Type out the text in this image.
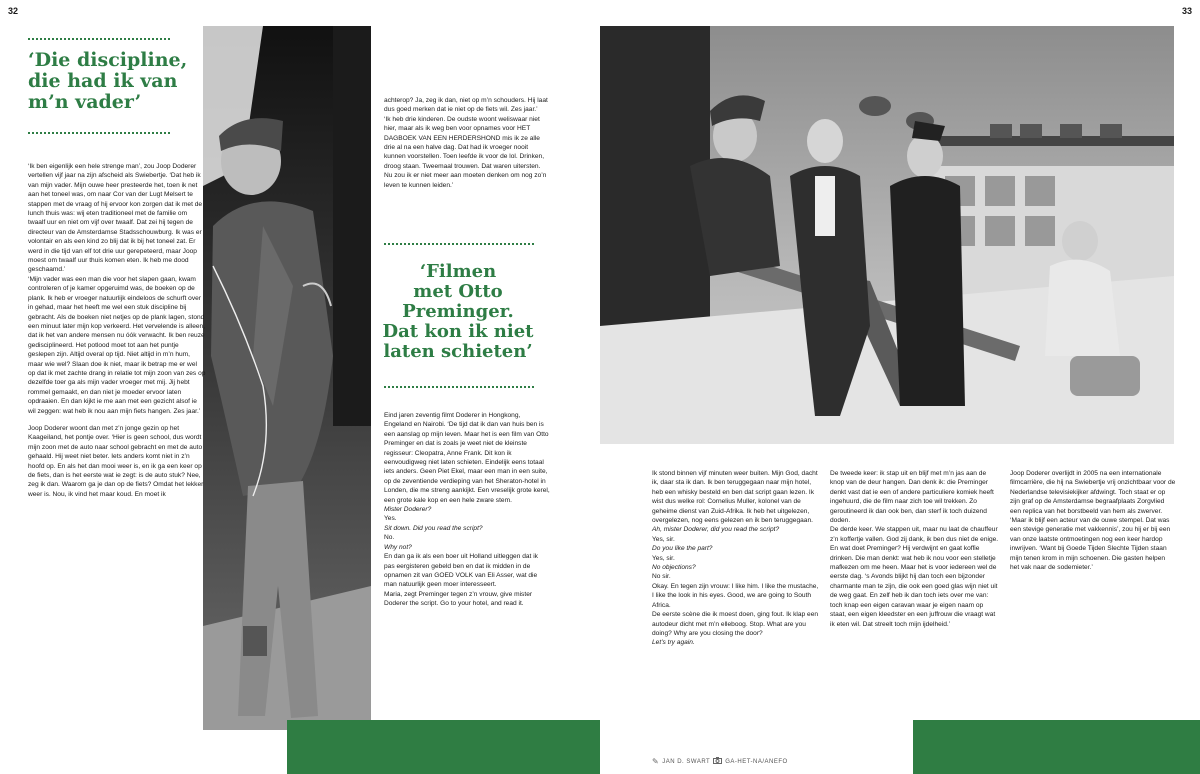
32	33
‘Die discipline,
die had ik van
m’n vader’

‘Ik ben eigenlijk een hele strenge man’, zou Joop Doderer vertellen vijf jaar na zijn afscheid als Swiebertje. ‘Dat heb ik van mijn vader. Mijn ouwe heer presteerde het, toen ik net aan het toneel was, om naar Cor van der Lugt Melsert te stappen met de vraag of hij ervoor kon zorgen dat ik met de lunch thuis was: wij eten traditioneel met de familie om twaalf uur en niet om vijf over twaalf. Dat zei hij tegen de directeur van de Amsterdamse Stadsschouwburg. Ik was er volontair en als een kind zo blij dat ik bij het toneel zat. Er werd in die tijd van elf tot drie uur gerepeteerd, maar Joop moest om twaalf uur thuis komen eten. Ik heb me dood geschaamd.’

‘Mijn vader was een man die voor het slapen gaan, kwam controleren of je kamer opgeruimd was, de boeken op de plank. Ik heb er vroeger natuurlijk eindeloos de schurft over in gehad, maar het heeft me wel een stuk discipline bij gebracht. Als de boeken niet netjes op de plank lagen, stond een minuut later mijn kop verkeerd. Het vervelende is alleen, dat ik het van andere mensen nu óók verwacht. Ik ben reuze gedisciplineerd. Het potlood moet tot aan het puntje geslepen zijn. Altijd overal op tijd. Niet altijd in m’n hum, maar wie wel? Slaan doe ik niet, maar ik betrap me er wel op dat ik met zachte drang in relatie tot mijn zoon van zes op dezelfde toer ga als mijn vader vroeger met mij. Jij hebt rommel gemaakt, en dan niet je moeder ervoor laten opdraaien. En dan kijkt ie me aan met een gezicht alsof ie wil zeggen: wat heb ik nou aan mijn fiets hangen. Zes jaar.’

Joop Doderer woont dan met z’n jonge gezin op het Kaageiland, het pontje over. ‘Hier is geen school, dus wordt mijn zoon met de auto naar school gebracht en met de auto gehaald. Hij weet niet beter. Iets anders komt niet in z’n hoofd op. En als het dan mooi weer is, en ik ga een keer op de fiets, dan is het eerste wat ie zegt: is de auto stuk? Nee, zeg ik dan. Waarom ga je dan op de fiets? Omdat het lekker weer is. Nou, ik vind het maar koud. En moet ik

achterop? Ja, zeg ik dan, niet op m’n schouders. Hij laat dus goed merken dat ie niet op de fiets wil. Zes jaar.’

‘Ik heb drie kinderen. De oudste woont weliswaar niet hier, maar als ik weg ben voor opnames voor HET DAGBOEK VAN EEN HERDERSHOND mis ik ze alle drie al na een halve dag. Dat had ik vroeger nooit kunnen voorstellen. Toen leefde ik voor de lol. Drinken, droog staan. Tweemaal trouwen. Dat waren uitersten. Nu zou ik er niet meer aan moeten denken om nog zo’n leven te kunnen leiden.’

‘Filmen
met Otto
Preminger.
Dat kon ik niet
laten schieten’

Eind jaren zeventig filmt Doderer in Hongkong, Engeland en Nairobi. ‘De tijd dat ik dan van huis ben is een aanslag op mijn leven. Maar het is een film van Otto Preminger en dat is zoals je weet niet de kleinste regisseur: Cleopatra, Anne Frank. Dit kon ik eenvoudigweg niet laten schieten. Eindelijk eens totaal iets anders. Geen Piet Ekel, maar een man in een suite, op de zeventiende verdieping van het Sheraton-hotel in Londen, die me streng aankijkt. Een vreselijk grote kerel, een grote kale kop en een hele zware stem.

Mister Doderer?

Yes.

Sit down. Did you read the script?

No.

Why not?

En dan ga ik als een boer uit Holland uitleggen dat ik pas eergisteren gebeld ben en dat ik midden in de opnamen zit van GOED VOLK van Eli Asser, wat die man natuurlijk geen moer interesseert.

Maria, zegt Preminger tegen z’n vrouw, give mister Doderer the script. Go to your hotel, and read it.

Ik stond binnen vijf minuten weer buiten. Mijn God, dacht ik, daar sta ik dan. Ik ben teruggegaan naar mijn hotel, heb een whisky besteld en ben dat script gaan lezen. Ik wist dus welke rol: Cornelius Muller, kolonel van de geheime dienst van Zuid-Afrika. Ik heb het uitgelezen, overgelezen, nog eens gelezen en ik ben teruggegaan.

Ah, mister Doderer, did you read the script?

Yes, sir.

Do you like the part?

Yes, sir.

No objections?

No sir.

Okay. En tegen zijn vrouw: I like him. I like the mustache, I like the look in his eyes. Good, we are going to South Africa.

De eerste scène die ik moest doen, ging fout. Ik klap een autodeur dicht met m’n elleboog. Stop. What are you doing? Why are you closing the door?

Let’s try again.

De tweede keer: ik stap uit en blijf met m’n jas aan de knop van de deur hangen. Dan denk ik: die Preminger denkt vast dat ie een of andere particuliere komiek heeft ingehuurd, die de film naar zich toe wil trekken. Zo geroutineerd ik dan ook ben, dan sterf ik toch duizend doden.

De derde keer. We stappen uit, maar nu laat de chauffeur z’n koffertje vallen. God zij dank, ik ben dus niet de enige.

En wat doet Preminger? Hij verdwijnt en gaat koffie drinken. Die man denkt: wat heb ik nou voor een stelletje mafkezen om me heen. Maar het is voor iedereen wel de eerste dag. ‘s Avonds blijkt hij dan toch een bijzonder charmante man te zijn, die ook een goed glas wijn niet uit de weg gaat. En zelf heb ik dan toch iets over me van: toch knap een eigen caravan waar je eigen naam op staat, een eigen kleedster en een juffrouw die vraagt wat ik eten wil. Dat streelt toch mijn ijdelheid.’

Joop Doderer overlijdt in 2005 na een internationale filmcarrière, die hij na Swiebertje vrij onzichtbaar voor de Nederlandse televisiekijker afdwingt. Toch staat er op zijn graf op de Amsterdamse begraafplaats Zorgvlied een replica van het borstbeeld van hem als zwerver.

‘Maar ik blijf een acteur van de ouwe stempel. Dat was een stevige generatie met vakkennis’, zou hij er bij een van onze laatste ontmoetingen nog een keer hardop inwrijven. ‘Want bij Goede Tijden Slechte Tijden staan mijn tenen krom in mijn schoenen. Die gasten helpen het vak naar de sodemieter.’

✎ JAN D. SWART	GA-HET-NA/ANEFO
